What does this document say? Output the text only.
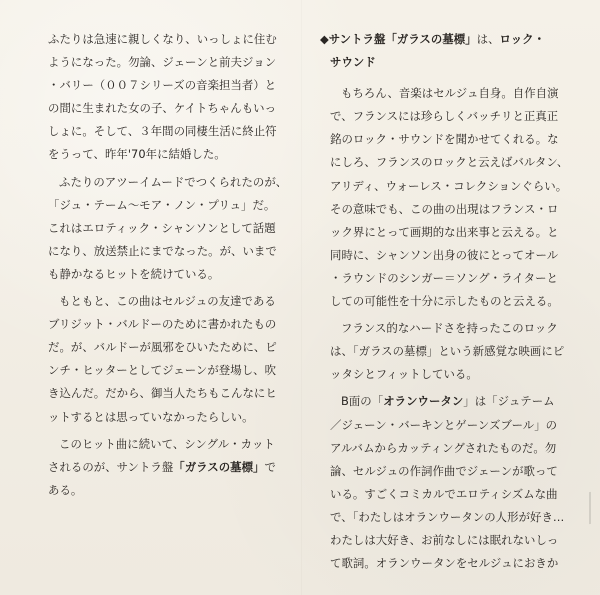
ふたりは急速に親しくなり、いっしょに住む
ようになった。勿論、ジェーンと前夫ジョン
・バリー（００７シリーズの音楽担当者）と
の間に生まれた女の子、ケイトちゃんもいっ
しょに。そして、３年間の同棲生活に終止符
をうって、昨年'70年に結婚した。
ふたりのアツーイムードでつくられたのが、
「ジュ・テーム〜モア・ノン・プリュ」だ。
これはエロティック・シャンソンとして話題
になり、放送禁止にまでなった。が、いまで
も静かなるヒットを続けている。
もともと、この曲はセルジュの友達である
ブリジット・バルドーのために書かれたもの
だ。が、バルドーが風邪をひいたために、ピ
ンチ・ヒッターとしてジェーンが登場し、吹
き込んだ。だから、御当人たちもこんなにヒ
ットするとは思っていなかったらしい。
このヒット曲に続いて、シングル・カット
されるのが、サントラ盤「ガラスの墓標」で
ある。
◆サントラ盤「ガラスの墓標」は、ロック・
サウンド
もちろん、音楽はセルジュ自身。自作自演
で、フランスには珍らしくバッチリと正真正
銘のロック・サウンドを聞かせてくれる。な
にしろ、フランスのロックと云えばバルタン、
アリディ、ウォーレス・コレクションぐらい。
その意味でも、この曲の出現はフランス・ロ
ック界にとって画期的な出来事と云える。と
同時に、シャンソン出身の彼にとってオール
・ラウンドのシンガー＝ソング・ライターと
しての可能性を十分に示したものと云える。
フランス的なハードさを持ったこのロック
は、「ガラスの墓標」という新感覚な映画にピ
ッタシとフィットしている。
B面の「オランウータン」は「ジュテーム
／ジェーン・バーキンとゲーンズブール」の
アルバムからカッティングされたものだ。勿
論、セルジュの作詞作曲でジェーンが歌って
いる。すごくコミカルでエロティシズムな曲
で、「わたしはオランウータンの人形が好き…
わたしは大好き、お前なしには眠れないしっ
て歌詞。オランウータンをセルジュにおきか
